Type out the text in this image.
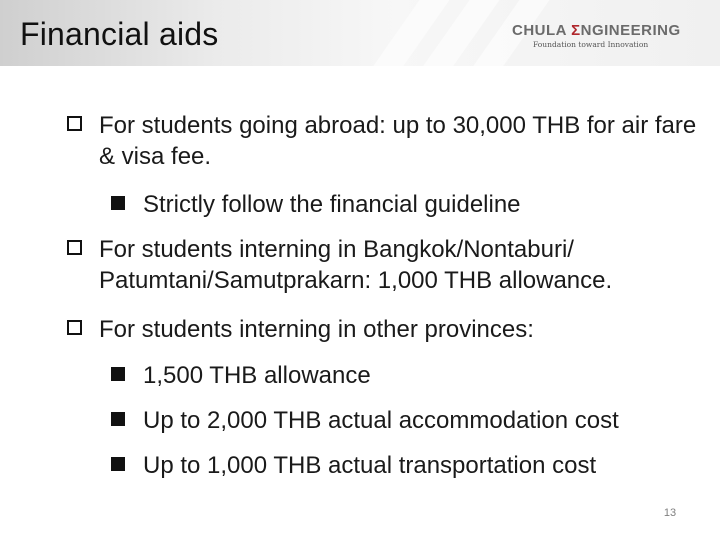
Financial aids	CHULA ΣNGINEERING
Foundation toward Innovation
For students going abroad: up to 30,000 THB for air fare & visa fee.
Strictly follow the financial guideline
For students interning in Bangkok/Nontaburi/ Patumtani/Samutprakarn: 1,000 THB allowance.
For students interning in other provinces:
1,500 THB allowance
Up to 2,000 THB actual accommodation cost
Up to 1,000 THB actual transportation cost
13
